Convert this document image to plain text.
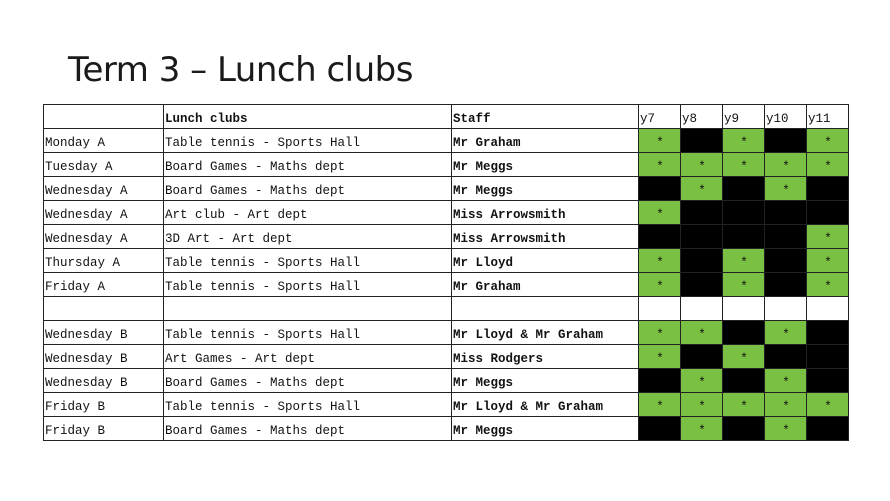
Term 3 – Lunch clubs
	Lunch clubs	Staff	y7	y8	y9	y10	y11
Monday A	Table tennis - Sports Hall	Mr Graham	*		*		*
Tuesday A	Board Games - Maths dept	Mr Meggs	*	*	*	*	*
Wednesday A	Board Games - Maths dept	Mr Meggs		*		*	
Wednesday A	Art club - Art dept	Miss Arrowsmith	*				
Wednesday A	3D Art - Art dept	Miss Arrowsmith					*
Thursday A	Table tennis - Sports Hall	Mr Lloyd	*		*		*
Friday A	Table tennis - Sports Hall	Mr Graham	*		*		*

Wednesday B	Table tennis - Sports Hall	Mr Lloyd & Mr Graham	*	*		*	
Wednesday B	Art Games - Art dept	Miss Rodgers	*		*		
Wednesday B	Board Games - Maths dept	Mr Meggs		*		*	
Friday B	Table tennis - Sports Hall	Mr Lloyd & Mr Graham	*	*	*	*	*
Friday B	Board Games - Maths dept	Mr Meggs		*		*	
